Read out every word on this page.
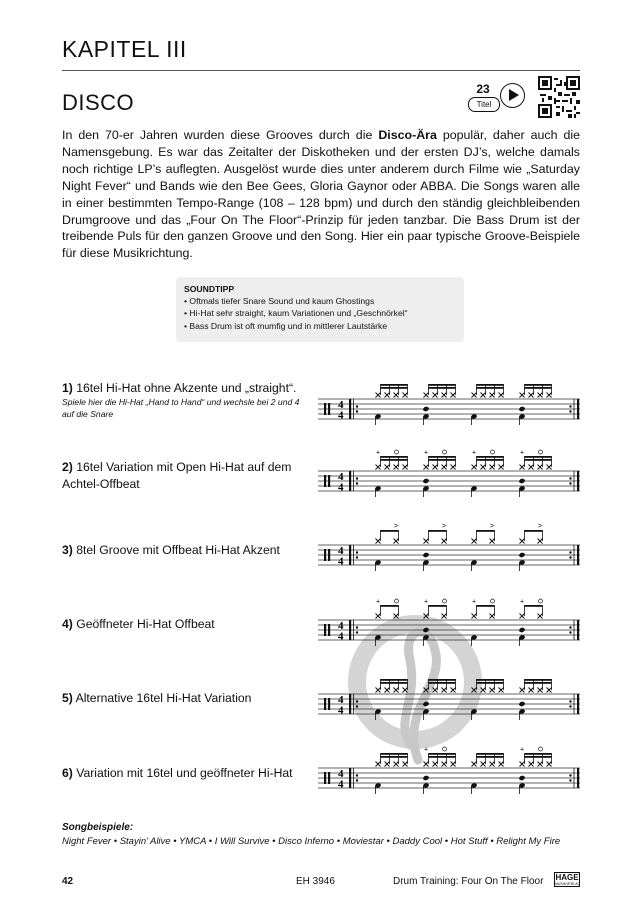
KAPITEL III
DISCO
23
Titel
In den 70-er Jahren wurden diese Grooves durch die Disco-Ära populär, daher auch die Namensgebung. Es war das Zeitalter der Diskotheken und der ersten DJ’s, welche damals noch richtige LP’s auflegten. Ausgelöst wurde dies unter anderem durch Filme wie „Saturday Night Fever“ und Bands wie den Bee Gees, Gloria Gaynor oder ABBA. Die Songs waren alle in einer bestimmten Tempo-Range (108 – 128 bpm) und durch den ständig gleichbleibenden Drumgroove und das „Four On The Floor“-Prinzip für jeden tanzbar. Die Bass Drum ist der treibende Puls für den ganzen Groove und den Song. Hier ein paar typische Groove-Beispiele für diese Musikrichtung.
SOUNDTIPP
• Oftmals tiefer Snare Sound und kaum Ghostings
• Hi-Hat sehr straight, kaum Variationen und „Geschnörkel“
• Bass Drum ist oft mumfig und in mittlerer Lautstärke
1) 16tel Hi-Hat ohne Akzente und „straight“.
Spiele hier die Hi-Hat „Hand to Hand“ und wechsle bei 2 und 4 auf die Snare
4
4
2) 16tel Variation mit Open Hi-Hat auf dem Achtel-Offbeat	4
4
+	+	+	+
3) 8tel Groove mit Offbeat Hi-Hat Akzent	4
4
>	>	>	>
4) Geöffneter Hi-Hat Offbeat	4
4
+	+	+	+
5) Alternative 16tel Hi-Hat Variation	4
4
6) Variation mit 16tel und geöffneter Hi-Hat	4
4
+	+
Songbeispiele:
Night Fever • Stayin’ Alive • YMCA • I Will Survive • Disco Inferno • Moviestar • Daddy Cool • Hot Stuff • Relight My Fire
42	EH 3946	Drum Training: Four On The Floor HAGE
MUSIKVERLAG
